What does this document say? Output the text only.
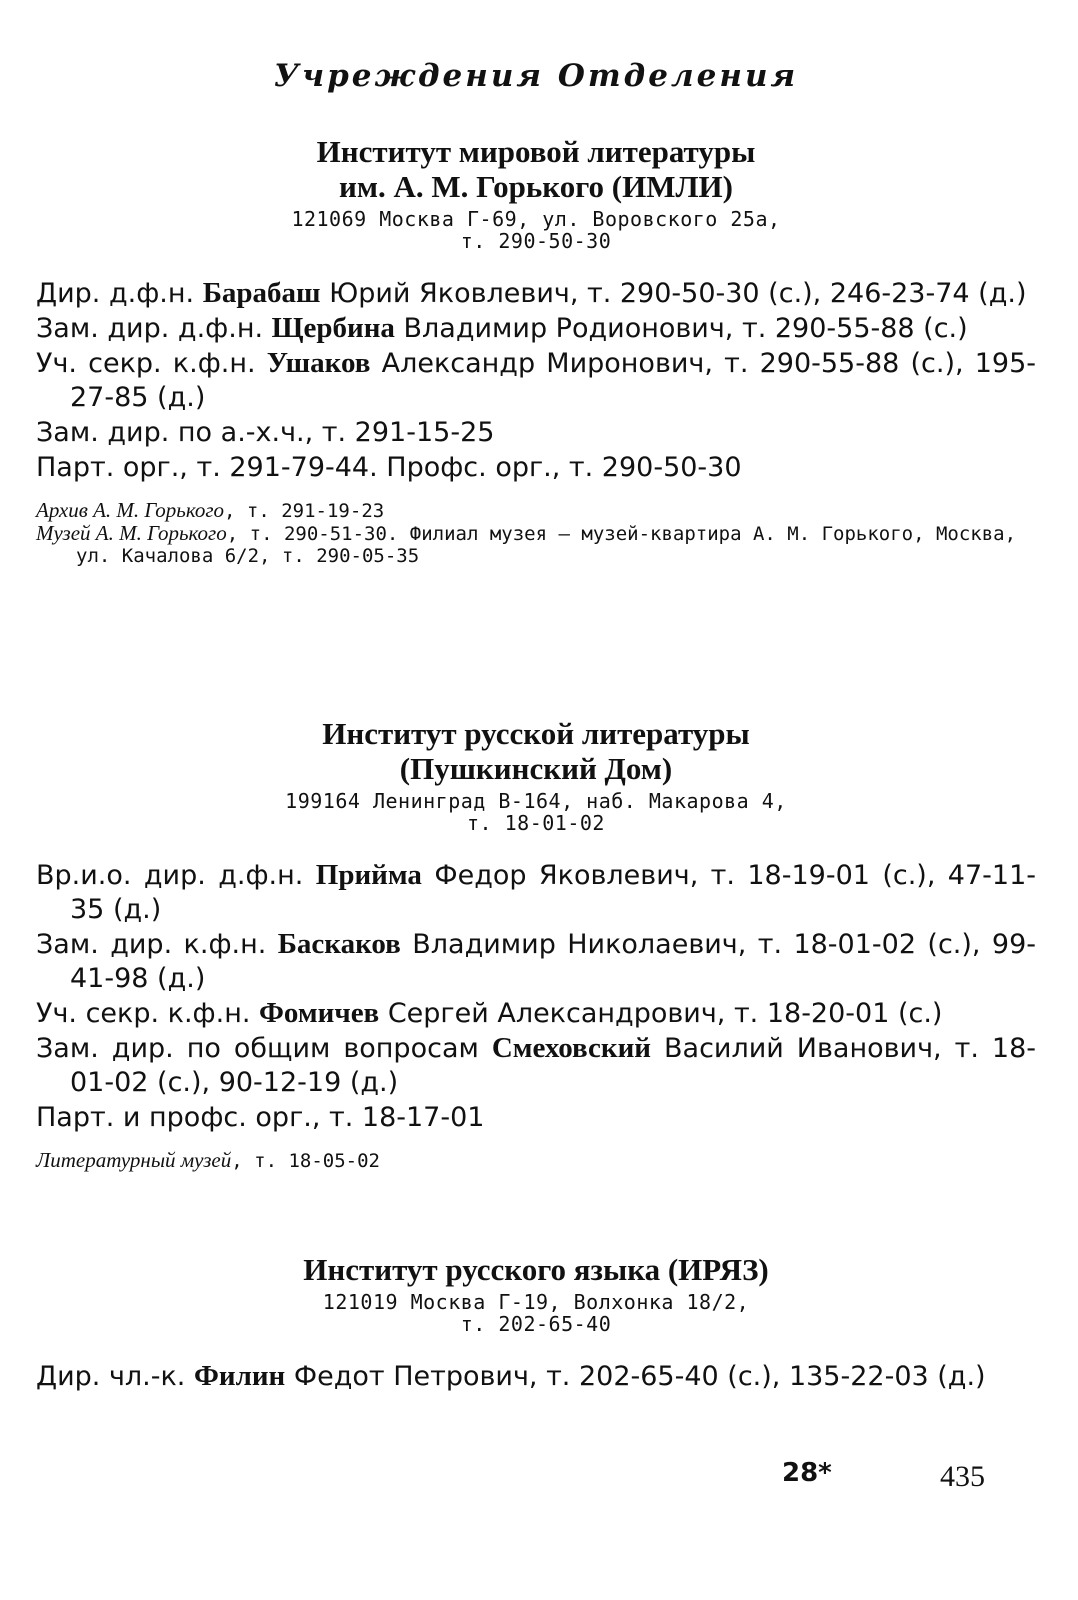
Учреждения Отделения

Институт мировой литературы

им. А. М. Горького (ИМЛИ)

121069 Москва Г-69, ул. Воровского 25а,
т. 290-50-30

Дир. д.ф.н. Барабаш Юрий Яковлевич, т. 290-50-30 (с.), 246-23-74 (д.)

Зам. дир. д.ф.н. Щербина Владимир Родионович, т. 290-55-88 (с.)

Уч. секр. к.ф.н. Ушаков Александр Миронович, т. 290-55-88 (с.), 195-27-85 (д.)

Зам. дир. по а.-х.ч., т. 291-15-25

Парт. орг., т. 291-79-44. Профс. орг., т. 290-50-30

Архив А. М. Горького, т. 291-19-23

Музей А. М. Горького, т. 290-51-30. Филиал музея — музей-квартира А. М. Горького, Москва, ул. Качалова 6/2, т. 290-05-35

Институт русской литературы

(Пушкинский Дом)

199164 Ленинград В-164, наб. Макарова 4,
т. 18-01-02

Вр.и.о. дир. д.ф.н. Прийма Федор Яковлевич, т. 18-19-01 (с.), 47-11-35 (д.)

Зам. дир. к.ф.н. Баскаков Владимир Николаевич, т. 18-01-02 (с.), 99-41-98 (д.)

Уч. секр. к.ф.н. Фомичев Сергей Александрович, т. 18-20-01 (с.)

Зам. дир. по общим вопросам Смеховский Василий Иванович, т. 18-01-02 (с.), 90-12-19 (д.)

Парт. и профс. орг., т. 18-17-01

Литературный музей, т. 18-05-02

Институт русского языка (ИРЯЗ)

121019 Москва Г-19, Волхонка 18/2,
т. 202-65-40

Дир. чл.-к. Филин Федот Петрович, т. 202-65-40 (с.), 135-22-03 (д.)

28*	435
